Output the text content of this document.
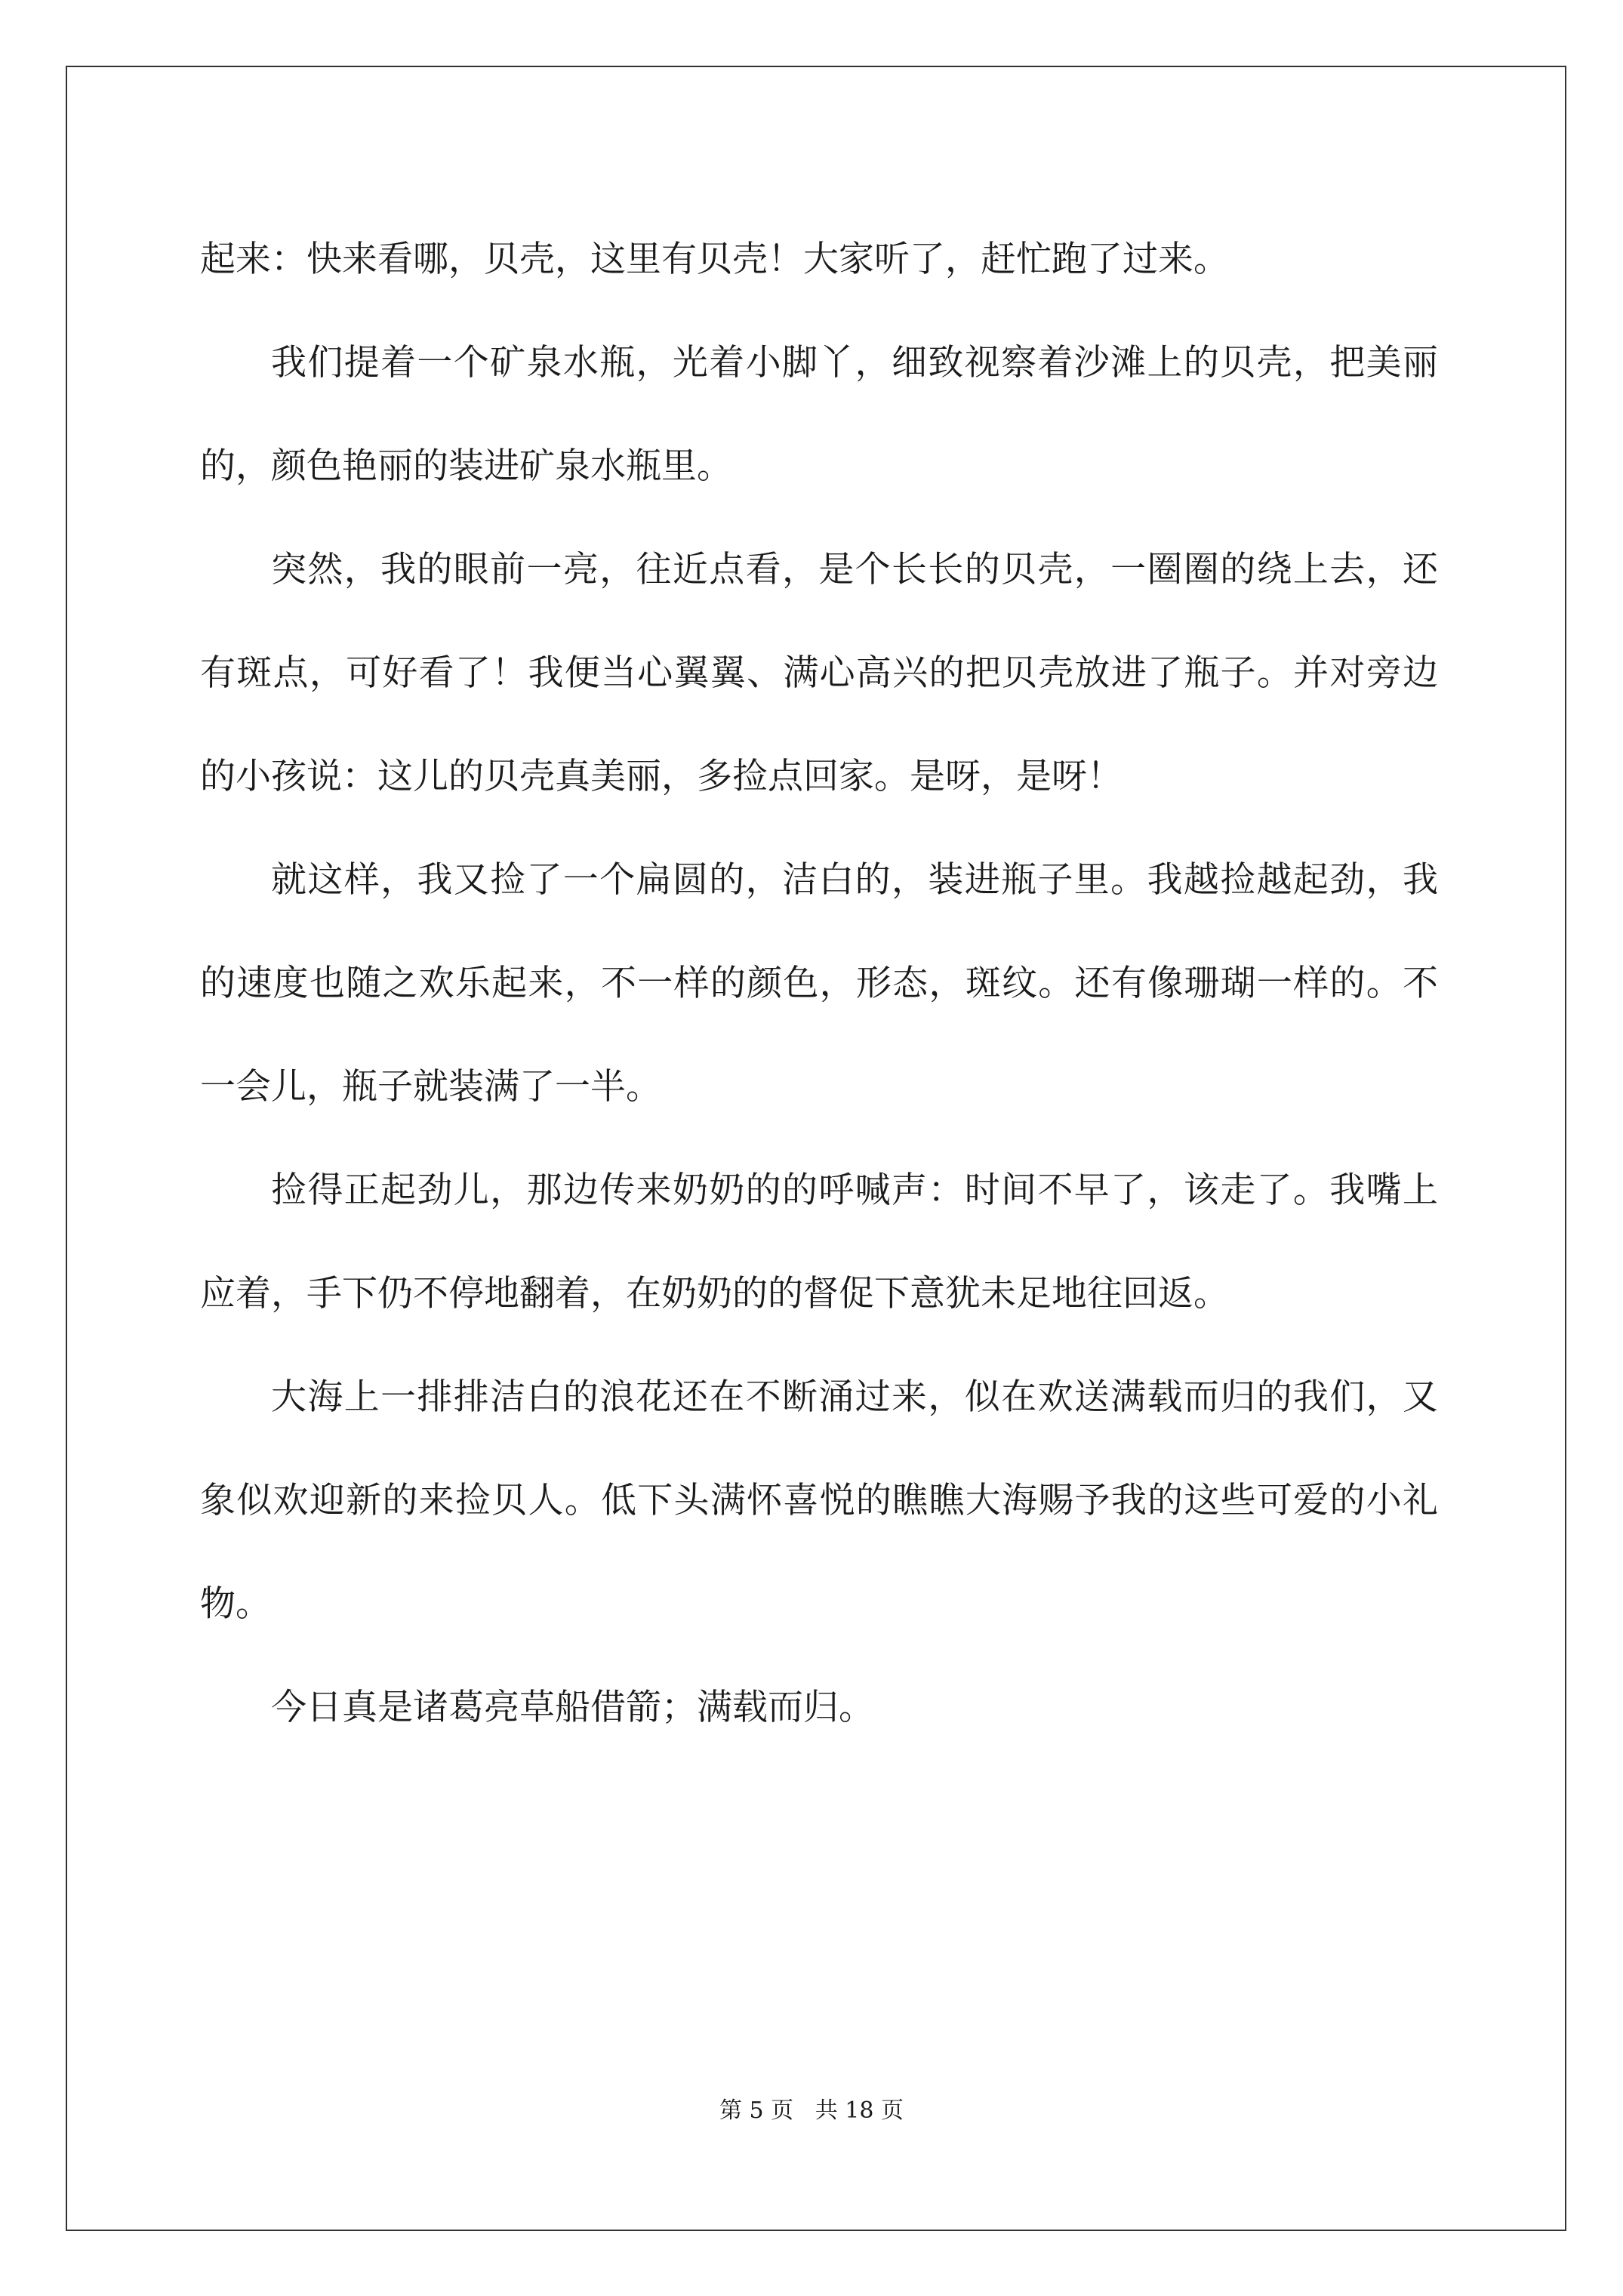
起来：快来看哪，贝壳，这里有贝壳！大家听了，赶忙跑了过来。

我们提着一个矿泉水瓶，光着小脚丫，细致视察着沙滩上的贝壳，把美丽的，颜色艳丽的装进矿泉水瓶里。

突然，我的眼前一亮，往近点看，是个长长的贝壳，一圈圈的绕上去，还有斑点，可好看了！我便当心翼翼、满心高兴的把贝壳放进了瓶子。并对旁边的小孩说：这儿的贝壳真美丽，多捡点回家。是呀，是呀！

就这样，我又捡了一个扁圆的，洁白的，装进瓶子里。我越捡越起劲，我的速度也随之欢乐起来，不一样的颜色，形态，斑纹。还有像珊瑚一样的。不一会儿，瓶子就装满了一半。

捡得正起劲儿，那边传来奶奶的的呼喊声：时间不早了，该走了。我嘴上应着，手下仍不停地翻着，在奶奶的的督促下意犹未足地往回返。

大海上一排排洁白的浪花还在不断涌过来，似在欢送满载而归的我们，又象似欢迎新的来捡贝人。低下头满怀喜悦的瞧瞧大海赐予我的这些可爱的小礼物。

今日真是诸葛亮草船借箭；满载而归。

第 5 页   共 18 页
